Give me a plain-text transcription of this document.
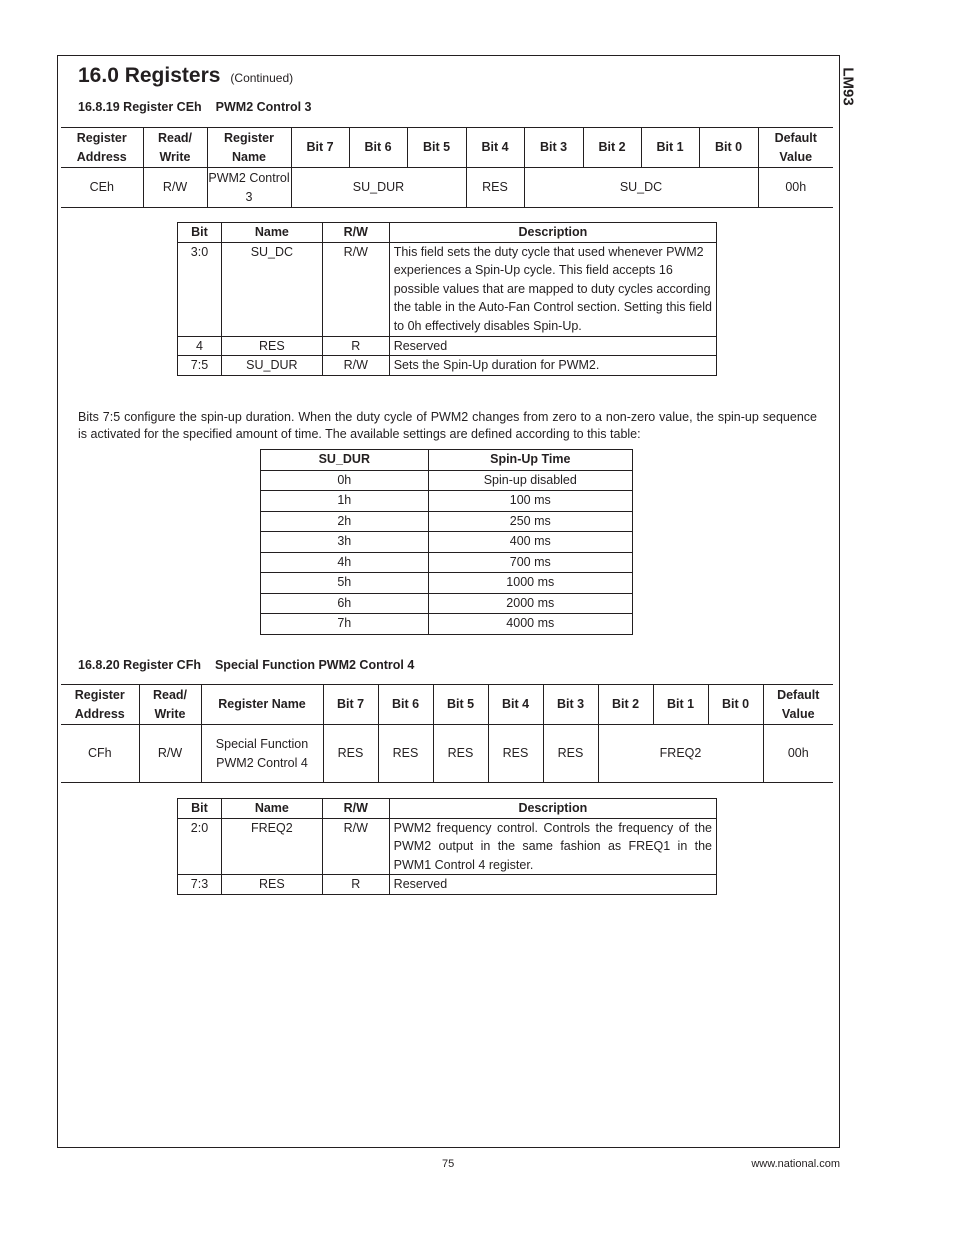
LM93
16.0 Registers (Continued)
16.8.19 Register CEh PWM2 Control 3
Register Address	Read/ Write	Register Name	Bit 7	Bit 6	Bit 5	Bit 4	Bit 3	Bit 2	Bit 1	Bit 0	Default Value
CEh	R/W	PWM2 Control 3	SU_DUR			RES	SU_DC				00h
Bit	Name	R/W	Description
3:0	SU_DC	R/W	This field sets the duty cycle that used whenever PWM2 experiences a Spin-Up cycle. This field accepts 16 possible values that are mapped to duty cycles according the table in the Auto-Fan Control section. Setting this field to 0h effectively disables Spin-Up.
4	RES	R	Reserved
7:5	SU_DUR	R/W	Sets the Spin-Up duration for PWM2.

Bits 7:5 configure the spin-up duration. When the duty cycle of PWM2 changes from zero to a non-zero value, the spin-up sequence is activated for the specified amount of time. The available settings are defined according to this table:

SU_DUR	Spin-Up Time
0h	Spin-up disabled
1h	100 ms
2h	250 ms
3h	400 ms
4h	700 ms
5h	1000 ms
6h	2000 ms
7h	4000 ms
16.8.20 Register CFh Special Function PWM2 Control 4
Register Address	Read/ Write	Register Name	Bit 7	Bit 6	Bit 5	Bit 4	Bit 3	Bit 2	Bit 1	Bit 0	Default Value
CFh	R/W	Special Function PWM2 Control 4	RES	RES	RES	RES	RES	FREQ2			00h
Bit	Name	R/W	Description
2:0	FREQ2	R/W	PWM2 frequency control. Controls the frequency of the PWM2 output in the same fashion as FREQ1 in the PWM1 Control 4 register.
7:3	RES	R	Reserved
75	www.national.com
